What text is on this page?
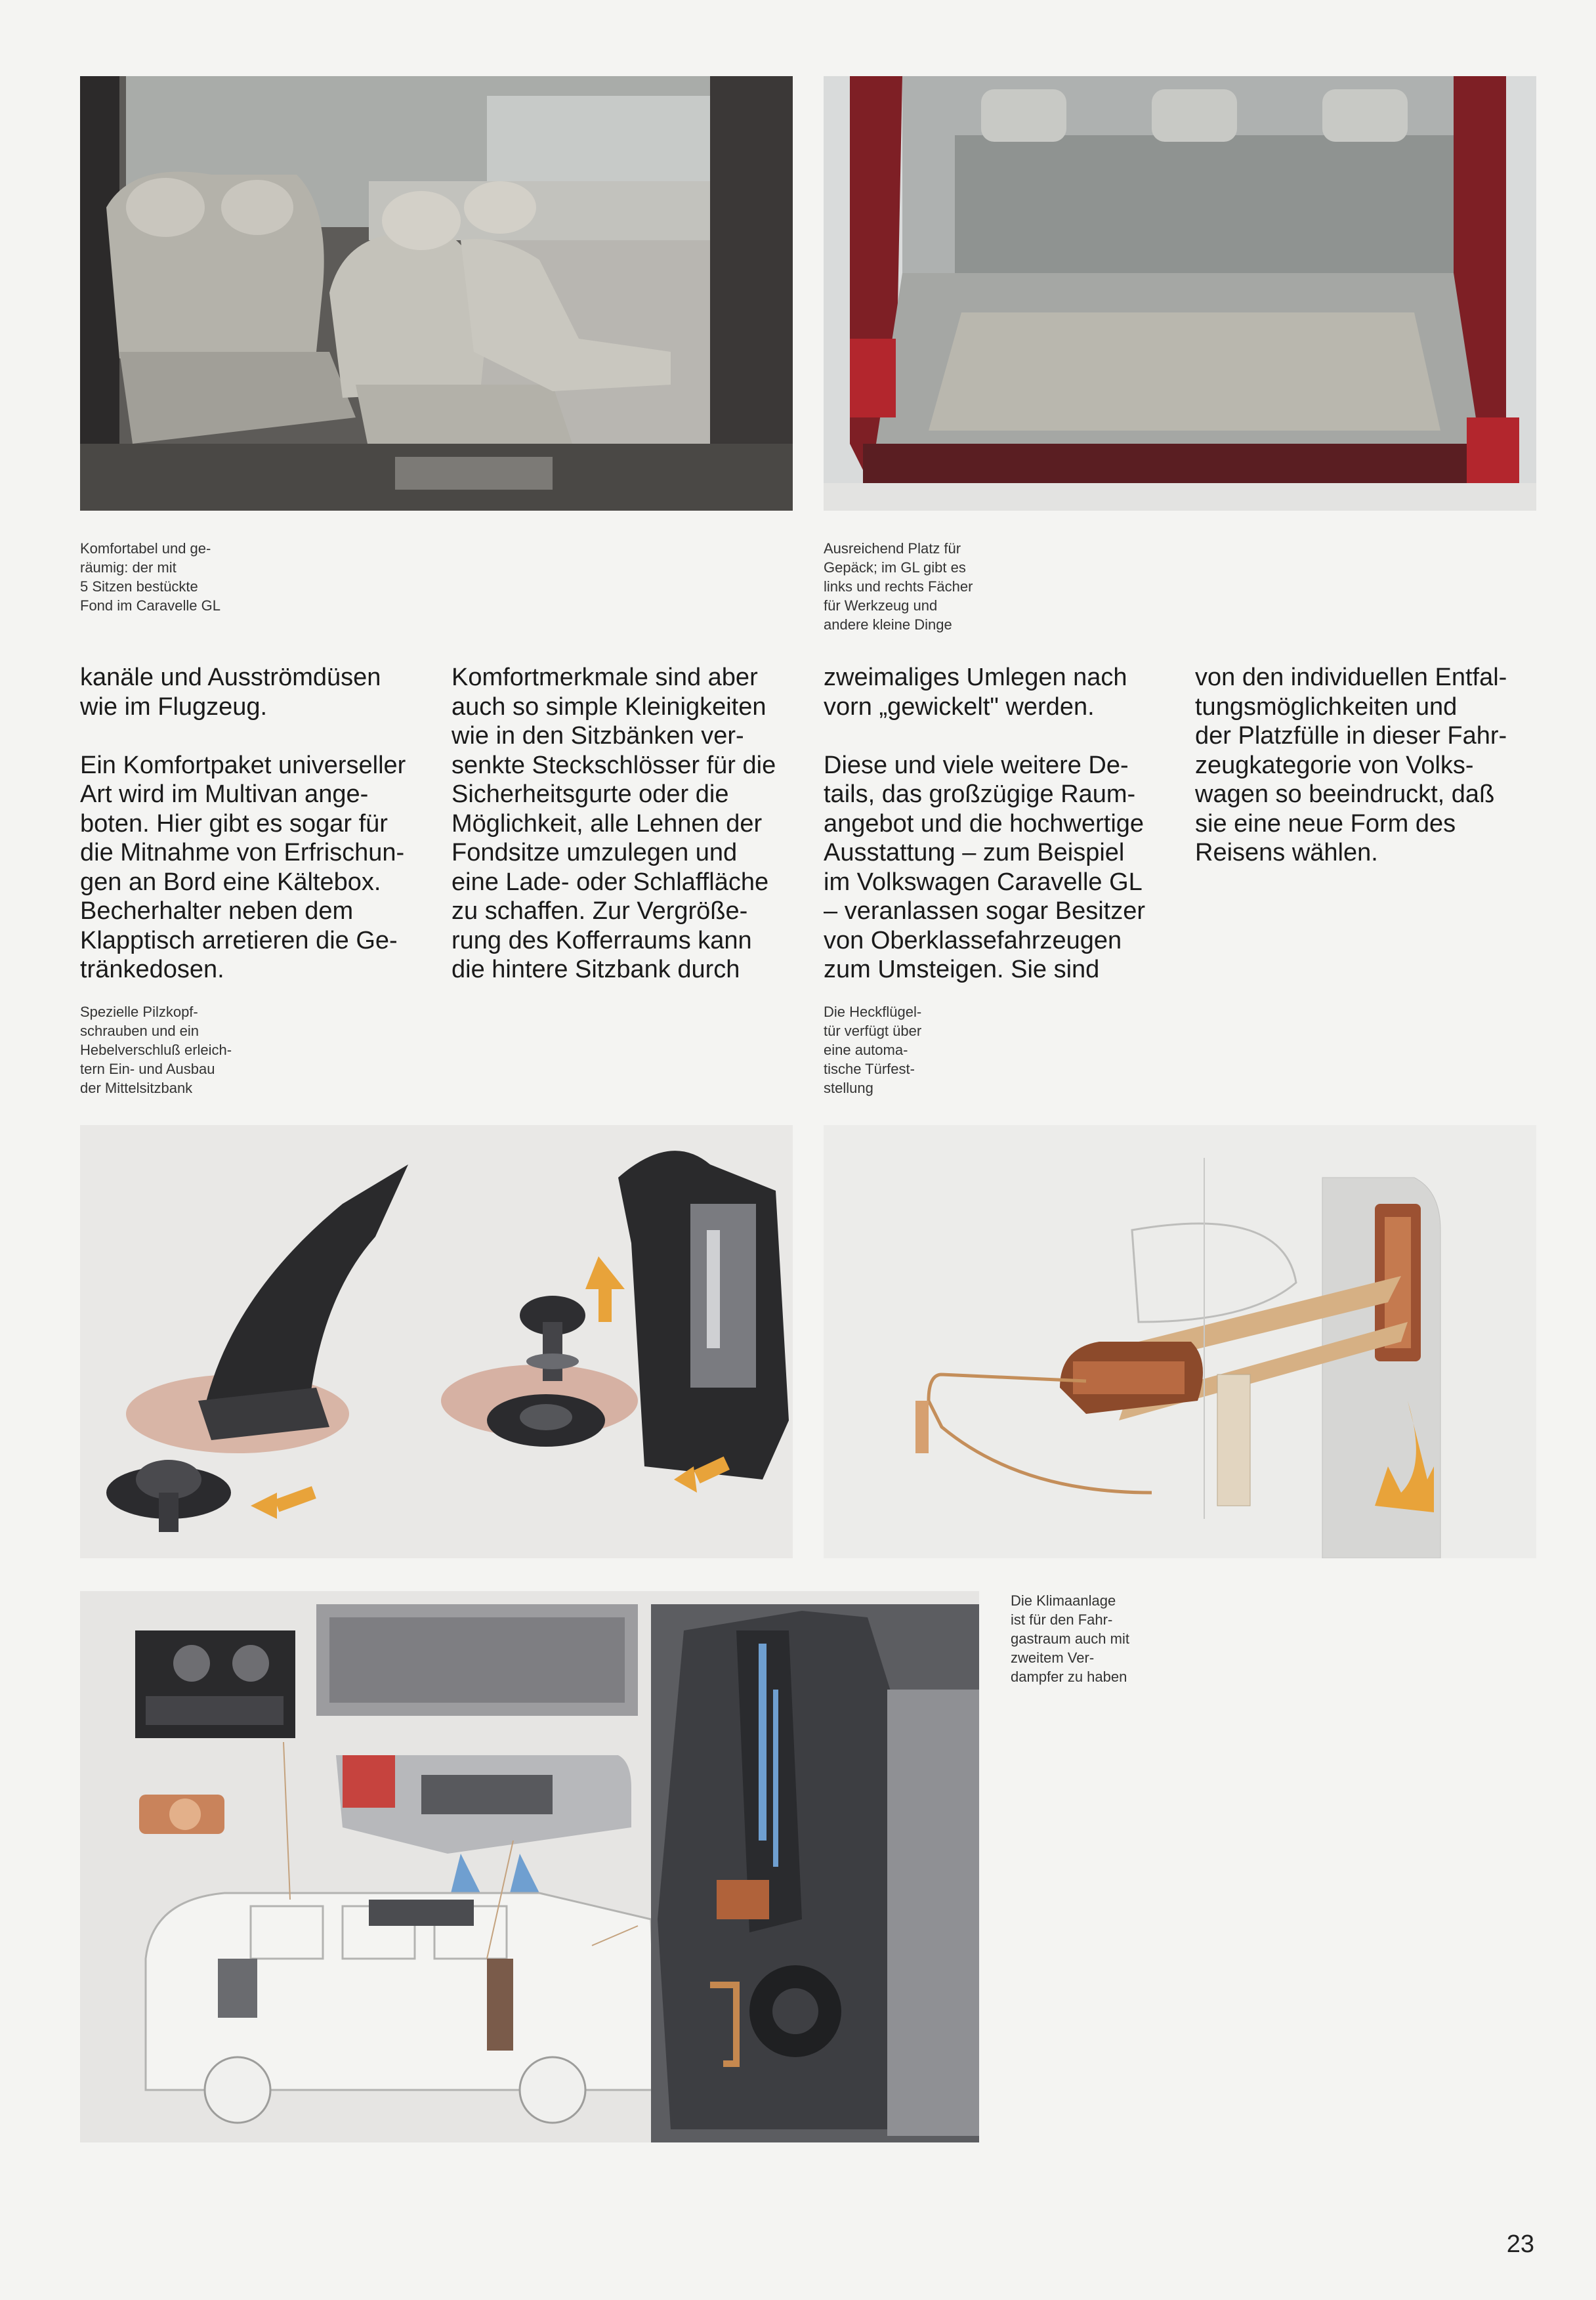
Komfortabel und ge-
räumig: der mit
5 Sitzen bestückte
Fond im Caravelle GL
Ausreichend Platz für
Gepäck; im GL gibt es
links und rechts Fächer
für Werkzeug und
andere kleine Dinge
kanäle und Ausströmdüsen
wie im Flugzeug.

Ein Komfortpaket universeller
Art wird im Multivan ange-
boten. Hier gibt es sogar für
die Mitnahme von Erfrischun-
gen an Bord eine Kältebox.
Becherhalter neben dem
Klapptisch arretieren die Ge-
tränkedosen.
Komfortmerkmale sind aber
auch so simple Kleinigkeiten
wie in den Sitzbänken ver-
senkte Steckschlösser für die
Sicherheitsgurte oder die
Möglichkeit, alle Lehnen der
Fondsitze umzulegen und
eine Lade- oder Schlaffläche
zu schaffen. Zur Vergröße-
rung des Kofferraums kann
die hintere Sitzbank durch
zweimaliges Umlegen nach
vorn „gewickelt" werden.

Diese und viele weitere De-
tails, das großzügige Raum-
angebot und die hochwertige
Ausstattung – zum Beispiel
im Volkswagen Caravelle GL
– veranlassen sogar Besitzer
von Oberklassefahrzeugen
zum Umsteigen. Sie sind
von den individuellen Entfal-
tungsmöglichkeiten und
der Platzfülle in dieser Fahr-
zeugkategorie von Volks-
wagen so beeindruckt, daß
sie eine neue Form des
Reisens wählen.
Spezielle Pilzkopf-
schrauben und ein
Hebelverschluß erleich-
tern Ein- und Ausbau
der Mittelsitzbank
Die Heckflügel-
tür verfügt über
eine automa-
tische Türfest-
stellung
Die Klimaanlage
ist für den Fahr-
gastraum auch mit
zweitem Ver-
dampfer zu haben
23
